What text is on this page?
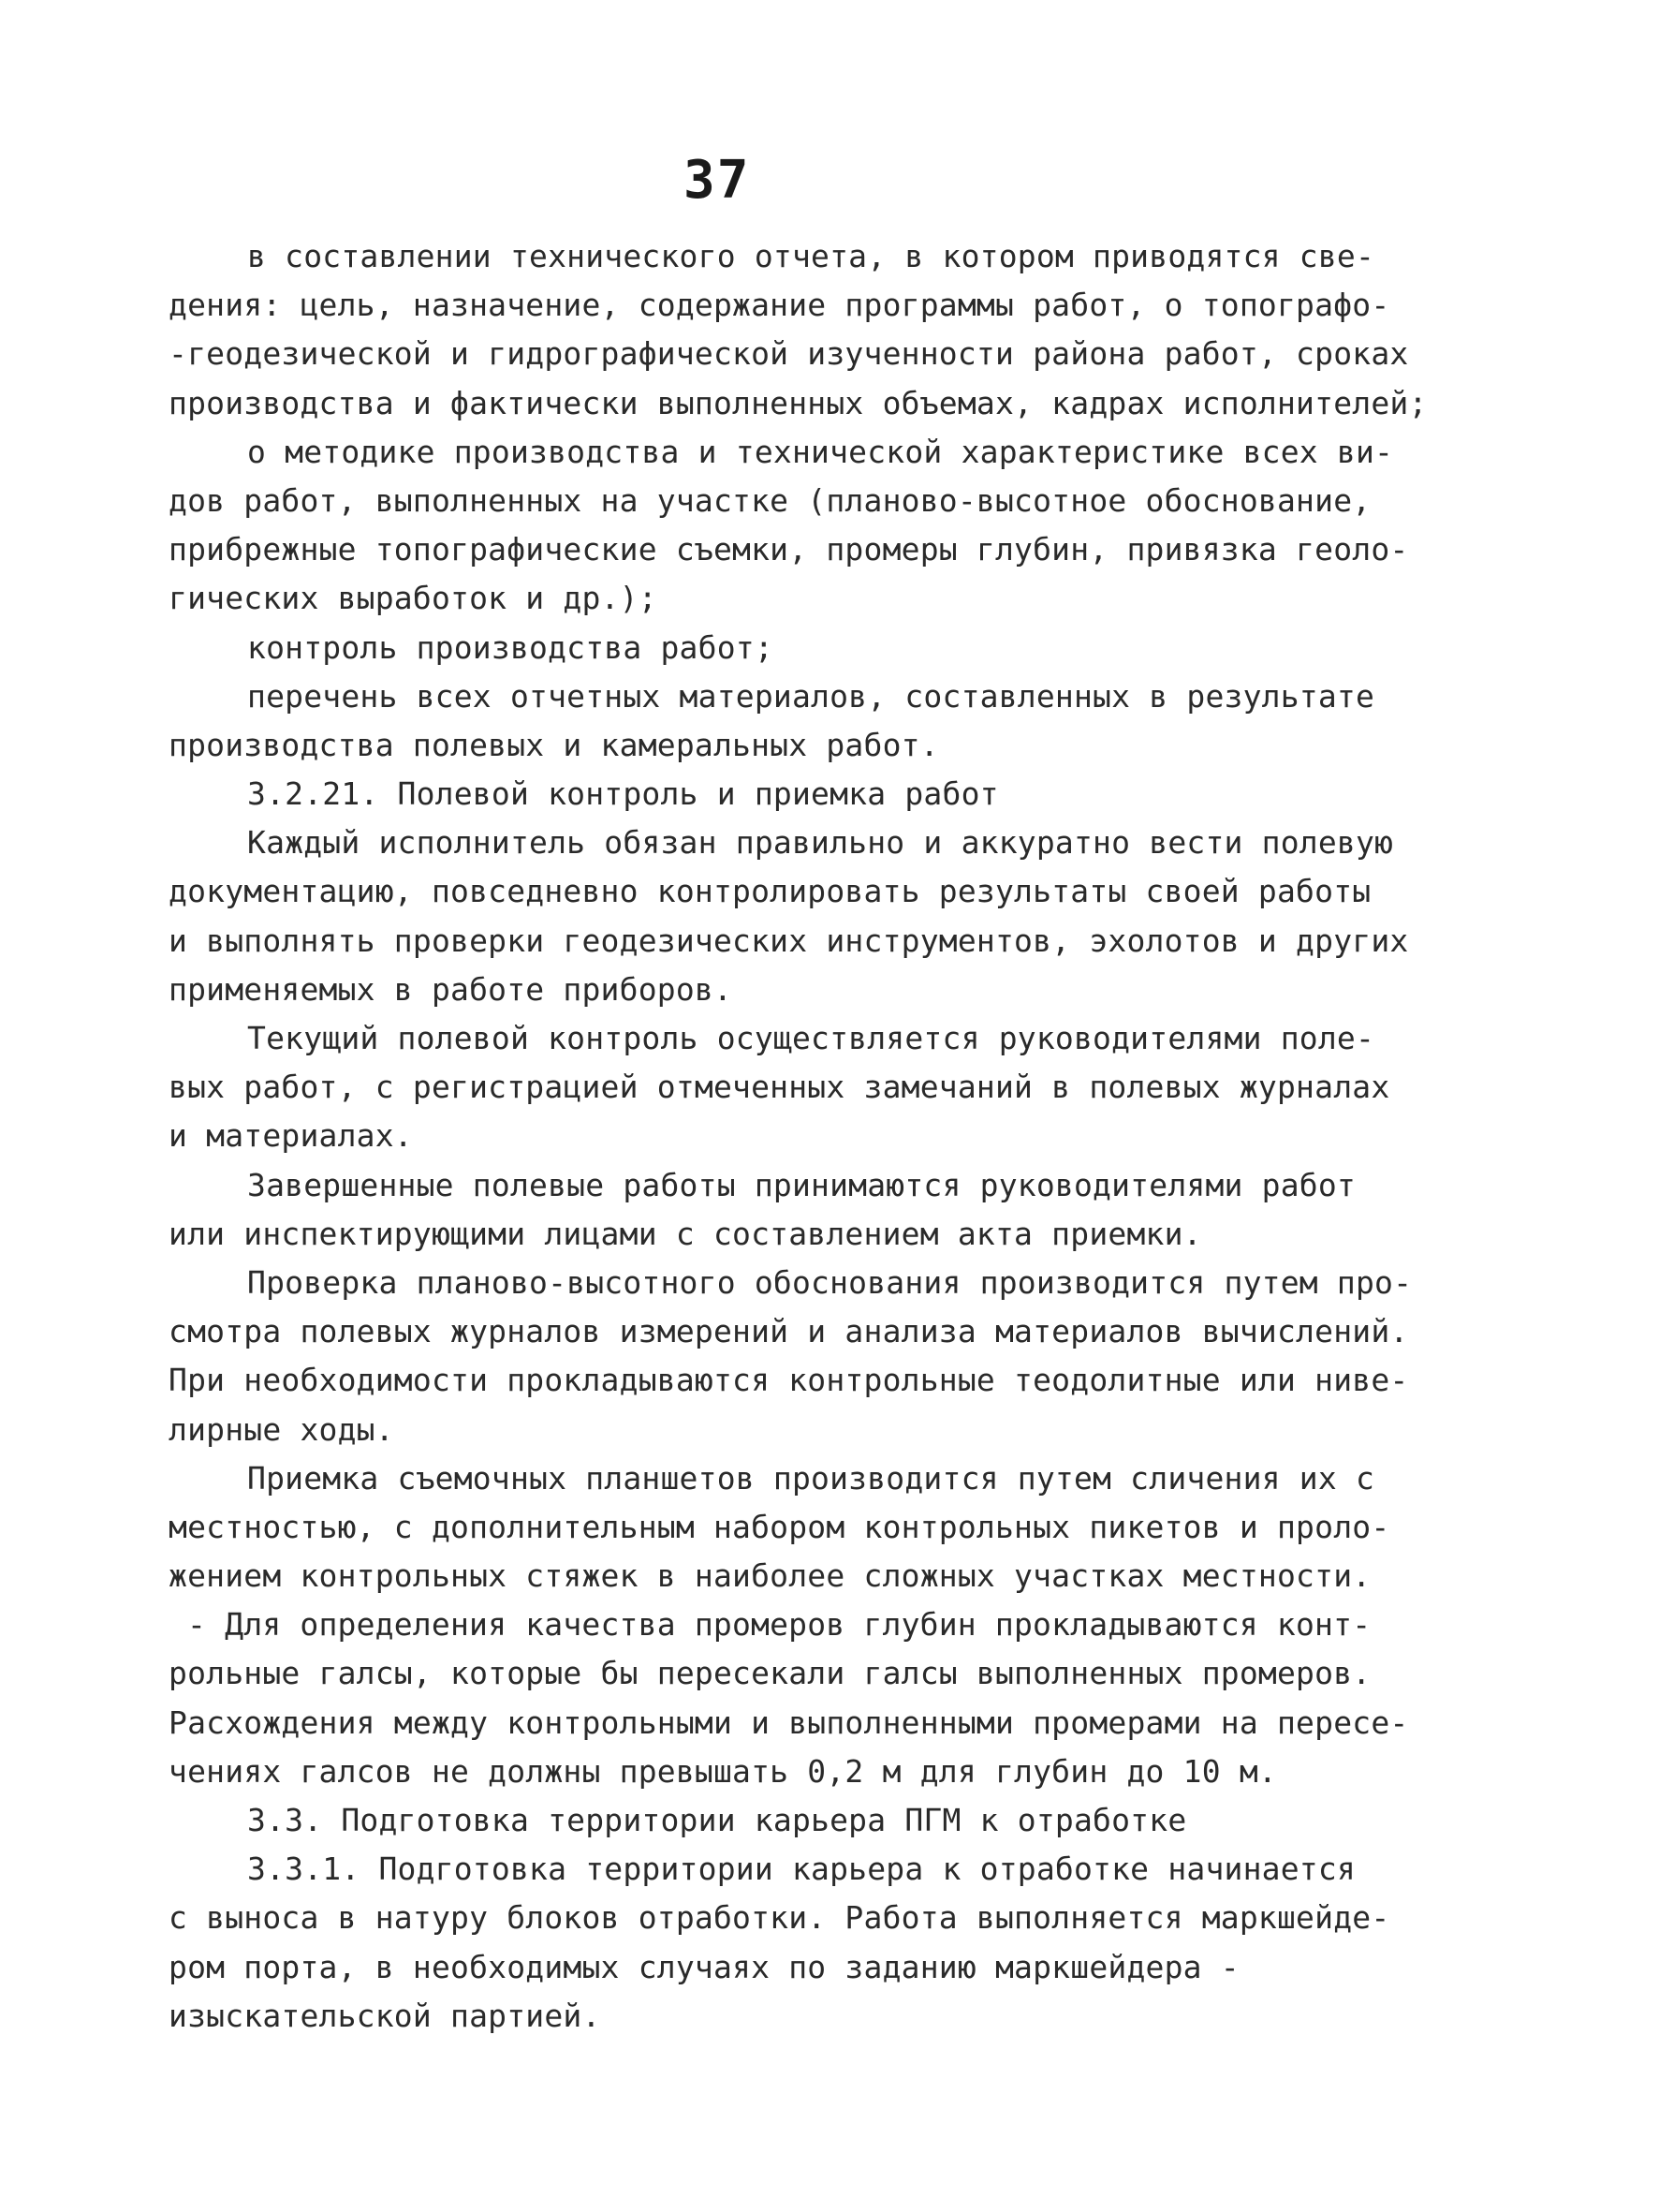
37
в составлении технического отчета, в котором приводятся све-
дения: цель, назначение, содержание программы работ, о топографо-
-геодезической и гидрографической изученности района работ, сроках
производства и фактически выполненных объемах, кадрах исполнителей;
о методике производства и технической характеристике всех ви-
дов работ, выполненных на участке (планово-высотное обоснование,
прибрежные топографические съемки, промеры глубин, привязка геоло-
гических выработок и др.);
контроль производства работ;
перечень всех отчетных материалов, составленных в результате
производства полевых и камеральных работ.
3.2.21. Полевой контроль и приемка работ
Каждый исполнитель обязан правильно и аккуратно вести полевую
документацию, повседневно контролировать результаты своей работы
и выполнять проверки геодезических инструментов, эхолотов и других
применяемых в работе приборов.
Текущий полевой контроль осуществляется руководителями поле-
вых работ, с регистрацией отмеченных замечаний в полевых журналах
и материалах.
Завершенные полевые работы принимаются руководителями работ
или инспектирующими лицами с составлением акта приемки.
Проверка планово-высотного обоснования производится путем про-
смотра полевых журналов измерений и анализа материалов вычислений.
При необходимости прокладываются контрольные теодолитные или ниве-
лирные ходы.
Приемка съемочных планшетов производится путем сличения их с
местностью, с дополнительным набором контрольных пикетов и проло-
жением контрольных стяжек в наиболее сложных участках местности.
- Для определения качества промеров глубин прокладываются конт-
рольные галсы, которые бы пересекали галсы выполненных промеров.
Расхождения между контрольными и выполненными промерами на пересе-
чениях галсов не должны превышать 0,2 м для глубин до 10 м.
3.3. Подготовка территории карьера ПГМ к отработке
3.3.1. Подготовка территории карьера к отработке начинается
с выноса в натуру блоков отработки. Работа выполняется маркшейде-
ром порта, в необходимых случаях по заданию маркшейдера -
изыскательской партией.
